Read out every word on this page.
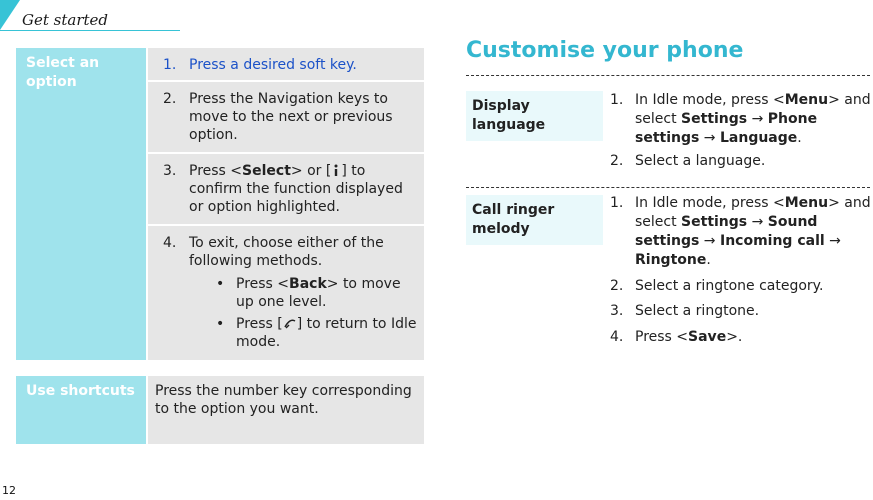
Get started
Select an option
1. Press a desired soft key.
2. Press the Navigation keys to move to the next or previous option.
3. Press <Select> or [ ] to confirm the function displayed or option highlighted.
4. To exit, choose either of the following methods.
• Press <Back> to move up one level.
• Press [ ] to return to Idle mode.
Use shortcuts	Press the number key corresponding to the option you want.
Customise your phone
Display language
1. In Idle mode, press <Menu> and select Settings → Phone settings → Language.
2. Select a language.
Call ringer melody
1. In Idle mode, press <Menu> and select Settings → Sound settings → Incoming call → Ringtone.
2. Select a ringtone category.
3. Select a ringtone.
4. Press <Save>.
12
